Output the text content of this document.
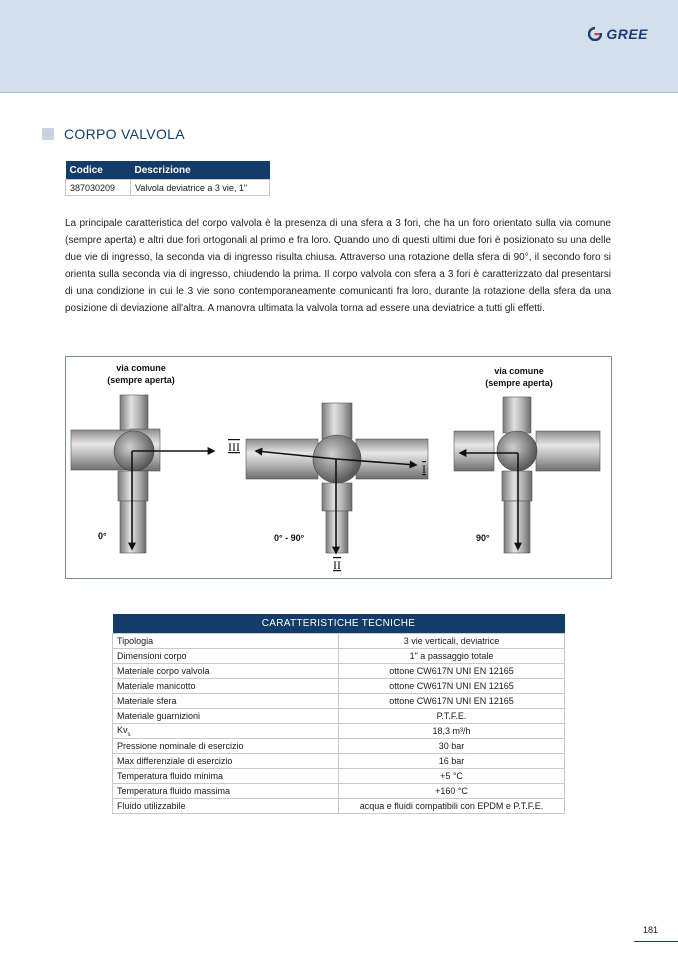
GREE
CORPO VALVOLA
Codice	Descrizione
387030209	Valvola deviatrice a 3 vie, 1"

La principale caratteristica del corpo valvola è la presenza di una sfera a 3 fori, che ha un foro orientato sulla via comune (sempre aperta) e altri due fori ortogonali al primo e fra loro. Quando uno di questi ultimi due fori è posizionato su una delle due vie di ingresso, la seconda via di ingresso risulta chiusa. Attraverso una rotazione della sfera di 90°, il secondo foro si orienta sulla seconda via di ingresso, chiudendo la prima. Il corpo valvola con sfera a 3 fori è caratterizzato dal presentarsi di una condizione in cui le 3 vie sono contemporaneamente comunicanti fra loro, durante la rotazione della sfera da una posizione di deviazione all'altra. A manovra ultimata la valvola torna ad essere una deviatrice a tutti gli effetti.

via comune
(sempre aperta)
via comune
(sempre aperta)
0°	0° - 90°	90°
III
I
II
CARATTERISTICHE TECNICHE	
Tipologia	3 vie verticali, deviatrice
Dimensioni corpo	1" a passaggio totale
Materiale corpo valvola	ottone CW617N UNI EN 12165
Materiale manicotto	ottone CW617N UNI EN 12165
Materiale sfera	ottone CW617N UNI EN 12165
Materiale guarnizioni	P.T.F.E.
$Kv_s$	18,3 m³/h
Pressione nominale di esercizio	30 bar
Max differenziale di esercizio	16 bar
Temperatura fluido minima	+5 °C
Temperatura fluido massima	+160 °C
Fluido utilizzabile	acqua e fluidi compatibili con EPDM e P.T.F.E.
181
